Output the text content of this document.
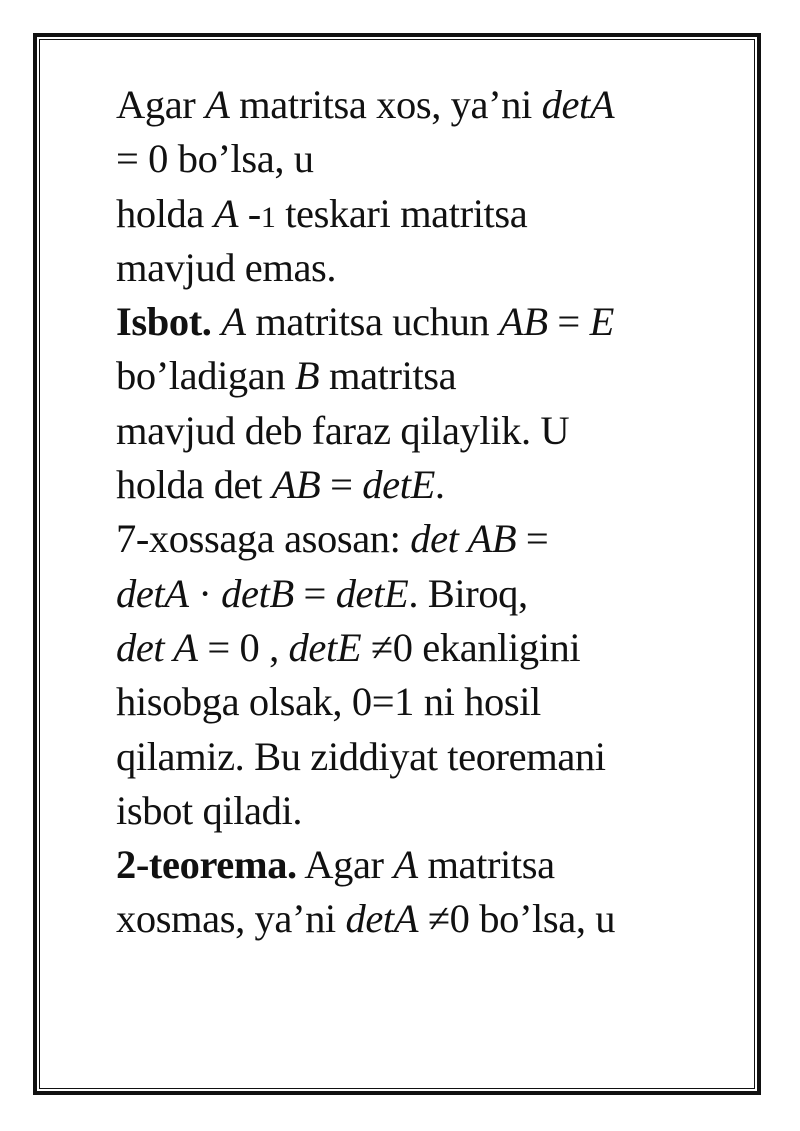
Agar A matritsa xos, ya’ni detA
= 0 bo’lsa, u
holda A -1 teskari matritsa
mavjud emas.
Isbot. A matritsa uchun AB = E
bo’ladigan B matritsa
mavjud deb faraz qilaylik. U
holda det AB = detE.
7-xossaga asosan: det AB =
detA · detB = detE. Biroq,
det A = 0 , detE ≠0 ekanligini
hisobga olsak, 0=1 ni hosil
qilamiz. Bu ziddiyat teoremani
isbot qiladi.
2-teorema. Agar A matritsa
xosmas, ya’ni detA ≠0 bo’lsa, u
